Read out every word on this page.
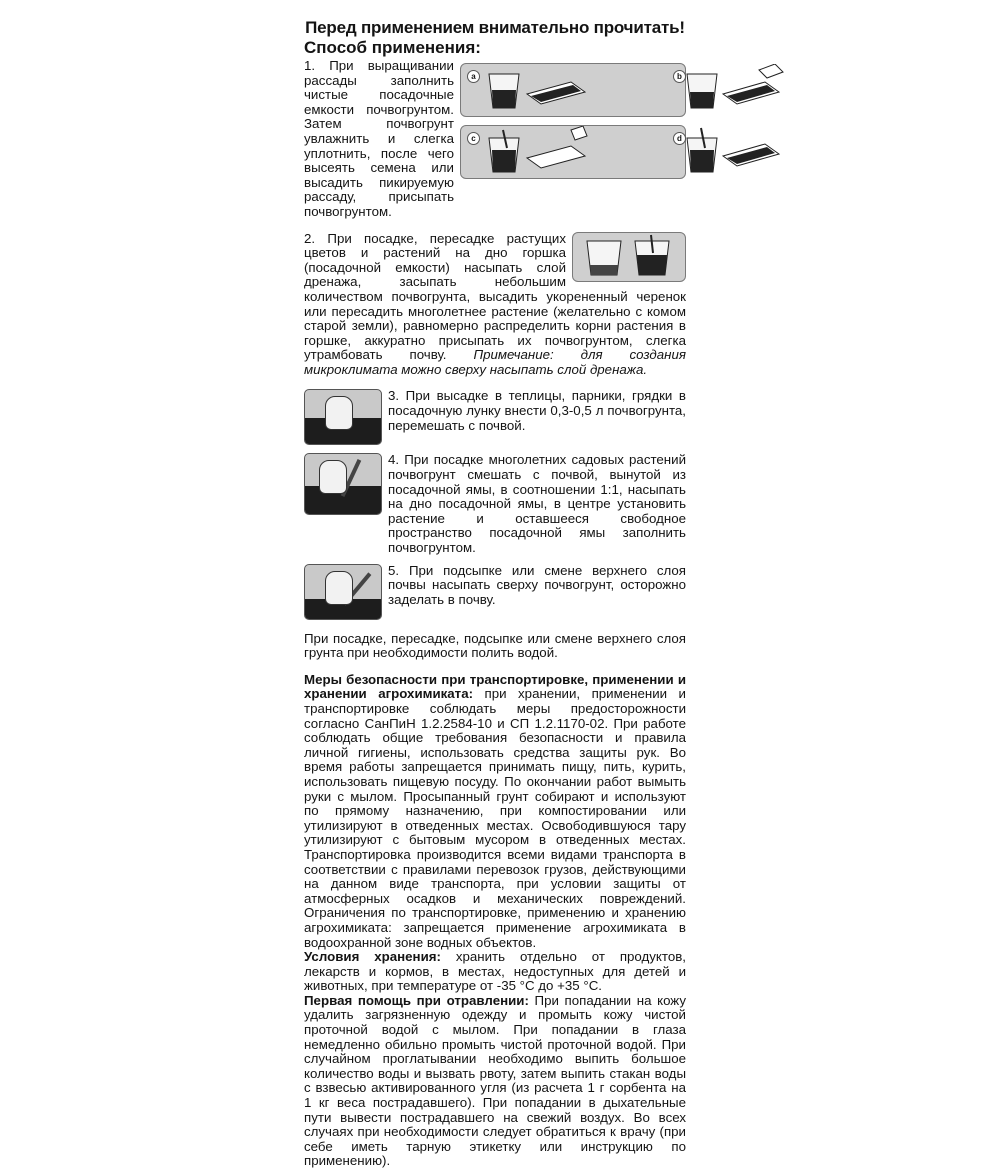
Перед применением внимательно прочитать!
Способ применения:

1. При выращивании рассады заполнить чистые посадочные емкости почвогрунтом. Затем почвогрунт увлажнить и слегка уплотнить, после чего высеять семена или высадить пикируемую рассаду, присыпать почвогрунтом.

a	b
c	d

2. При посадке, пересадке растущих цветов и растений на дно горшка (посадочной емкости) насыпать слой дренажа, засыпать небольшим количеством почвогрунта, высадить укорененный черенок или пересадить многолетнее растение (желательно с комом старой земли), равномерно распределить корни растения в горшке, аккуратно присыпать их почвогрунтом, слегка утрамбовать почву. Примечание: для создания микроклимата можно сверху насыпать слой дренажа.

3. При высадке в теплицы, парники, грядки в посадочную лунку внести 0,3-0,5 л почвогрунта, перемешать с почвой.

4. При посадке многолетних садовых растений почвогрунт смешать с почвой, вынутой из посадочной ямы, в соотношении 1:1, насыпать на дно посадочной ямы, в центре установить растение и оставшееся свободное пространство посадочной ямы заполнить почвогрунтом.

5. При подсыпке или смене верхнего слоя почвы насыпать сверху почвогрунт, осторожно заделать в почву.

При посадке, пересадке, подсыпке или смене верхнего слоя грунта при необходимости полить водой.

Меры безопасности при транспортировке, применении и хранении агрохимиката: при хранении, применении и транспортировке соблюдать меры предосторожности согласно СанПиН 1.2.2584-10 и СП 1.2.1170-02. При работе соблюдать общие требования безопасности и правила личной гигиены, использовать средства защиты рук. Во время работы запрещается принимать пищу, пить, курить, использовать пищевую посуду. По окончании работ вымыть руки с мылом. Просыпанный грунт собирают и используют по прямому назначению, при компостировании или утилизируют в отведенных местах. Освободившуюся тару утилизируют с бытовым мусором в отведенных местах. Транспортировка производится всеми видами транспорта в соответствии с правилами перевозок грузов, действующими на данном виде транспорта, при условии защиты от атмосферных осадков и механических повреждений. Ограничения по транспортировке, применению и хранению агрохимиката: запрещается применение агрохимиката в водоохранной зоне водных объектов.

Условия хранения: хранить отдельно от продуктов, лекарств и кормов, в местах, недоступных для детей и животных, при температуре от -35 °С до +35 °С.

Первая помощь при отравлении: При попадании на кожу удалить загрязненную одежду и промыть кожу чистой проточной водой с мылом. При попадании в глаза немедленно обильно промыть чистой проточной водой. При случайном проглатывании необходимо выпить большое количество воды и вызвать рвоту, затем выпить стакан воды с взвесью активированного угля (из расчета 1 г сорбента на 1 кг веса пострадавшего). При попадании в дыхательные пути вывести пострадавшего на свежий воздух. Во всех случаях при необходимости следует обратиться к врачу (при себе иметь тарную этикетку или инструкцию по применению).
